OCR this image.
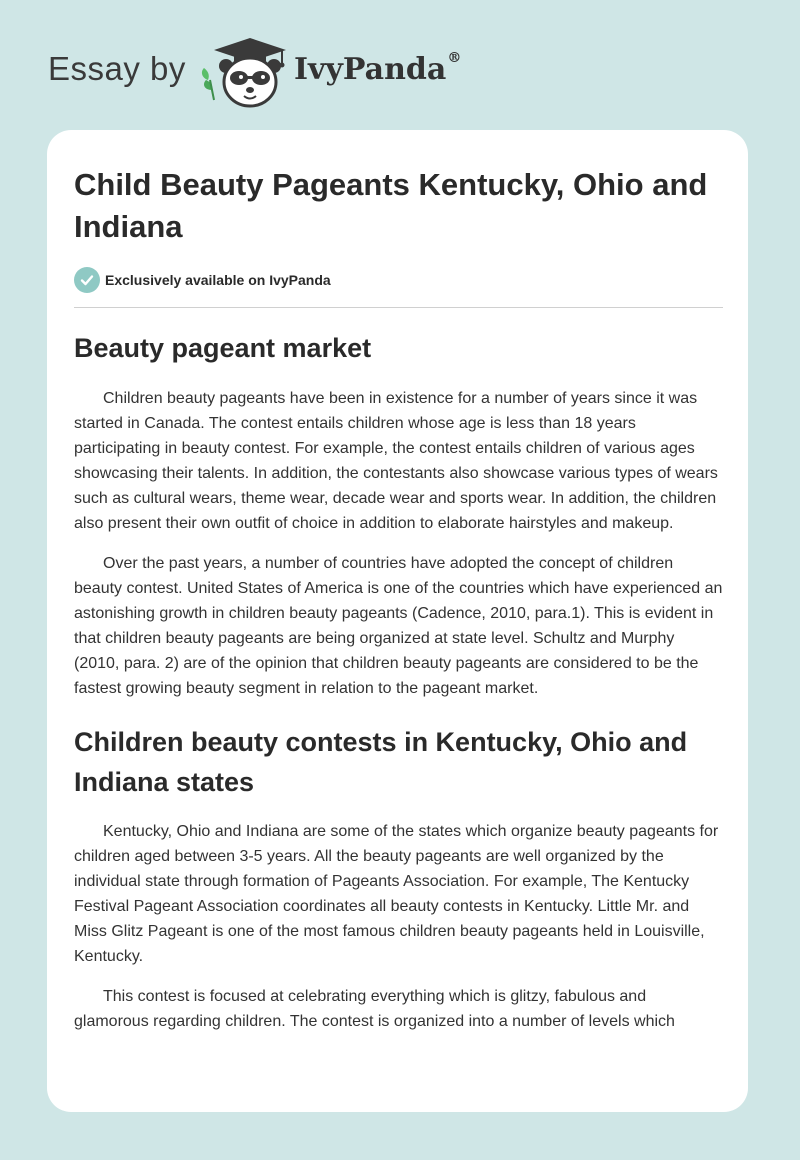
Essay by	IvyPanda®
Child Beauty Pageants Kentucky, Ohio and Indiana
Exclusively available on IvyPanda
Beauty pageant market

Children beauty pageants have been in existence for a number of years since it was started in Canada. The contest entails children whose age is less than 18 years participating in beauty contest. For example, the contest entails children of various ages showcasing their talents. In addition, the contestants also showcase various types of wears such as cultural wears, theme wear, decade wear and sports wear. In addition, the children also present their own outfit of choice in addition to elaborate hairstyles and makeup.

Over the past years, a number of countries have adopted the concept of children beauty contest. United States of America is one of the countries which have experienced an astonishing growth in children beauty pageants (Cadence, 2010, para.1). This is evident in that children beauty pageants are being organized at state level. Schultz and Murphy (2010, para. 2) are of the opinion that children beauty pageants are considered to be the fastest growing beauty segment in relation to the pageant market.

Children beauty contests in Kentucky, Ohio and Indiana states

Kentucky, Ohio and Indiana are some of the states which organize beauty pageants for children aged between 3-5 years. All the beauty pageants are well organized by the individual state through formation of Pageants Association. For example, The Kentucky Festival Pageant Association coordinates all beauty contests in Kentucky. Little Mr. and Miss Glitz Pageant is one of the most famous children beauty pageants held in Louisville, Kentucky.

This contest is focused at celebrating everything which is glitzy, fabulous and glamorous regarding children. The contest is organized into a number of levels which
